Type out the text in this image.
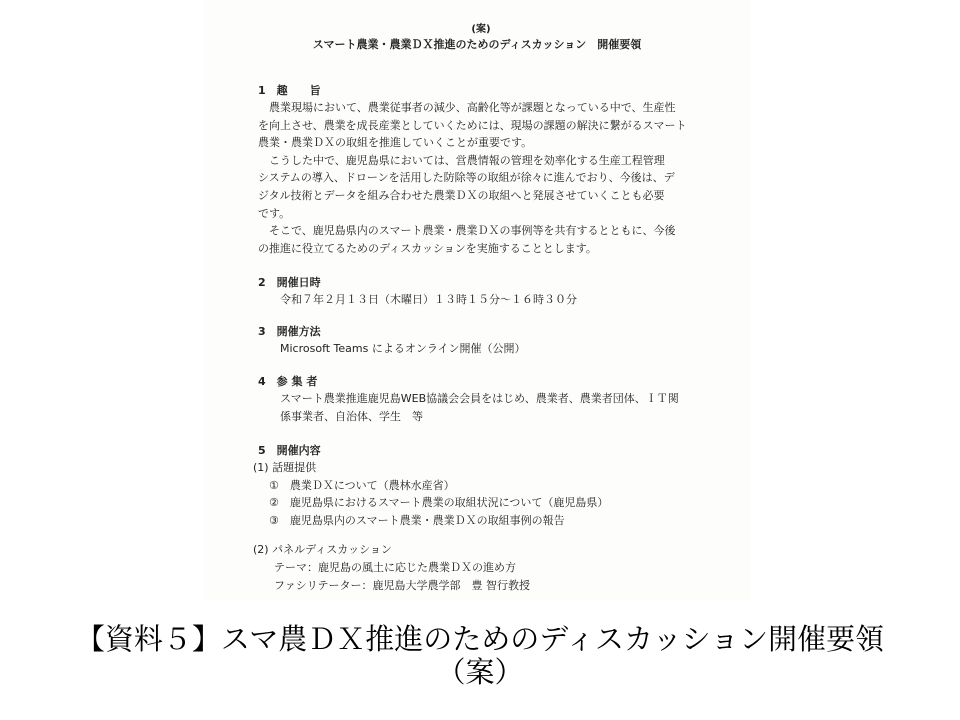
(案)
スマート農業・農業ＤＸ推進のためのディスカッション　開催要領
1　趣　　旨
　農業現場において、農業従事者の減少、高齢化等が課題となっている中で、生産性
を向上させ、農業を成長産業としていくためには、現場の課題の解決に繋がるスマート
農業・農業ＤＸの取組を推進していくことが重要です。
　こうした中で、鹿児島県においては、営農情報の管理を効率化する生産工程管理
システムの導入、ドローンを活用した防除等の取組が徐々に進んでおり、今後は、デ
ジタル技術とデータを組み合わせた農業ＤＸの取組へと発展させていくことも必要
です。
　そこで、鹿児島県内のスマート農業・農業ＤＸの事例等を共有するとともに、今後
の推進に役立てるためのディスカッションを実施することとします。
2　開催日時
令和７年２月１３日（木曜日）１３時１５分～１６時３０分
3　開催方法
Microsoft Teams によるオンライン開催（公開）
4　参 集 者
スマート農業推進鹿児島WEB協議会会員をはじめ、農業者、農業者団体、ＩＴ関
係事業者、自治体、学生　等
5　開催内容
(1) 話題提供
①　農業ＤＸについて（農林水産省）
②　鹿児島県におけるスマート農業の取組状況について（鹿児島県）
③　鹿児島県内のスマート農業・農業ＤＸの取組事例の報告
(2) パネルディスカッション
テーマ：鹿児島の風土に応じた農業ＤＸの進め方
ファシリテーター：鹿児島大学農学部　豊 智行教授
【資料５】スマ農ＤＸ推進のためのディスカッション開催要領
（案）
